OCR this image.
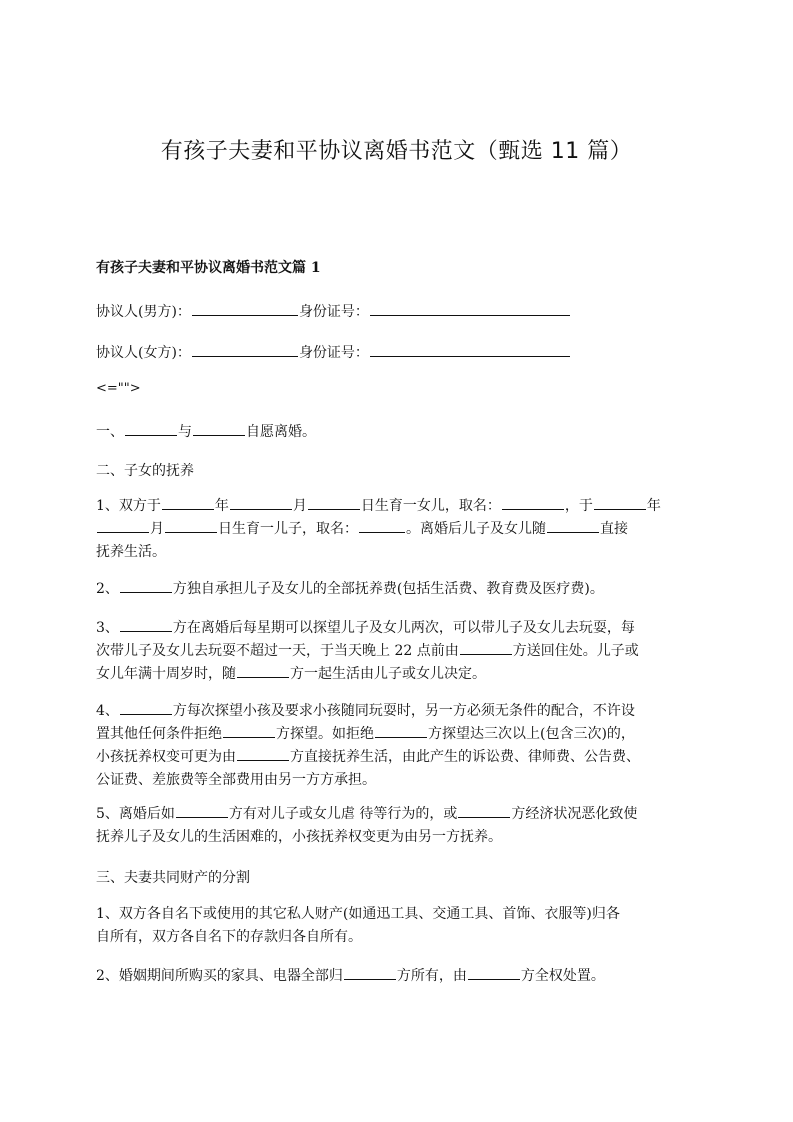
有孩子夫妻和平协议离婚书范文（甄选 11 篇）
有孩子夫妻和平协议离婚书范文篇 1
协议人(男方)：	身份证号：
协议人(女方)：	身份证号：
<="">
一、	与	自愿离婚。
二、子女的抚养
1、双方于	年	月	日生育一女儿，取名：	，于	年
月	日生育一儿子，取名：	。离婚后儿子及女儿随	直接
抚养生活。
2、	方独自承担儿子及女儿的全部抚养费(包括生活费、教育费及医疗费)。
3、	方在离婚后每星期可以探望儿子及女儿两次，可以带儿子及女儿去玩耍，每
次带儿子及女儿去玩耍不超过一天，于当天晚上 22 点前由	方送回住处。儿子或
女儿年满十周岁时，随	方一起生活由儿子或女儿决定。
4、	方每次探望小孩及要求小孩随同玩耍时，另一方必须无条件的配合，不许设
置其他任何条件拒绝	方探望。如拒绝	方探望达三次以上(包含三次)的，
小孩抚养权变可更为由	方直接抚养生活，由此产生的诉讼费、律师费、公告费、
公证费、差旅费等全部费用由另一方方承担。
5、离婚后如	方有对儿子或女儿虐 待等行为的，或	方经济状况恶化致使
抚养儿子及女儿的生活困难的，小孩抚养权变更为由另一方抚养。
三、夫妻共同财产的分割
1、双方各自名下或使用的其它私人财产(如通迅工具、交通工具、首饰、衣服等)归各
自所有，双方各自名下的存款归各自所有。
2、婚姻期间所购买的家具、电器全部归	方所有，由	方全权处置。
